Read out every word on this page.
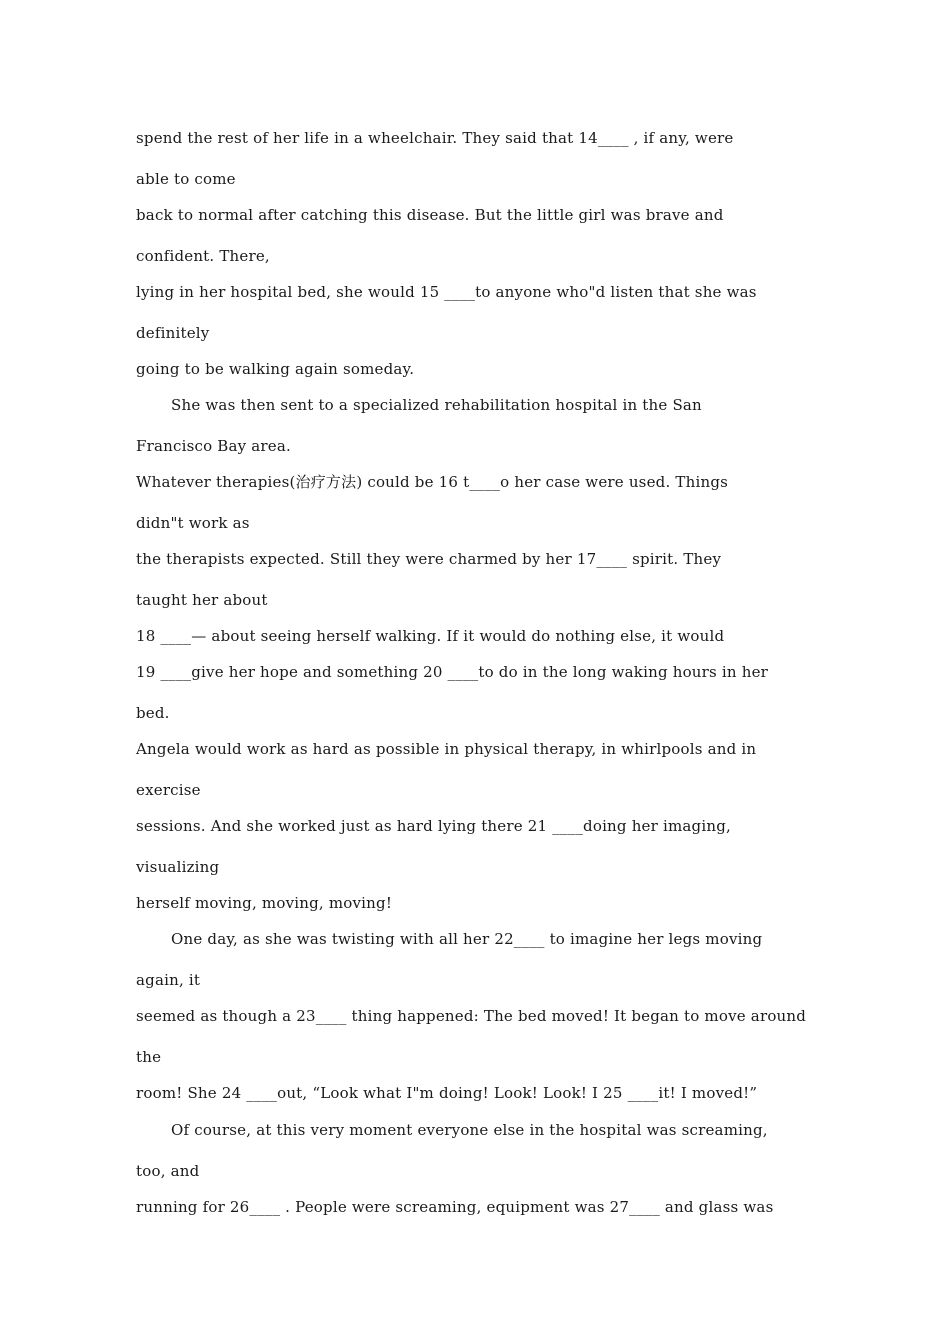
spend the rest of her life in a wheelchair. They said that 14____ , if any, were

able to come

back to normal after catching this disease. But the little girl was brave and

confident. There,

lying in her hospital bed, she would 15 ____to anyone who"d listen that she was

definitely

going to be walking again someday.

She was then sent to a specialized rehabilitation hospital in the San

Francisco Bay area.

Whatever therapies(治疗方法) could be 16 t____o her case were used. Things

didn"t work as

the therapists expected. Still they were charmed by her 17____ spirit. They

taught her about

18 ____— about seeing herself walking. If it would do nothing else, it would

19 ____give her hope and something 20 ____to do in the long waking hours in her

bed.

Angela would work as hard as possible in physical therapy, in whirlpools and in

exercise

sessions. And she worked just as hard lying there 21 ____doing her imaging,

visualizing

herself moving, moving, moving!

One day, as she was twisting with all her 22____ to imagine her legs moving

again, it

seemed as though a 23____ thing happened: The bed moved! It began to move around

the

room! She 24 ____out, “Look what I"m doing! Look! Look! I 25 ____it! I moved!”

Of course, at this very moment everyone else in the hospital was screaming,

too, and

running for 26____ . People were screaming, equipment was 27____ and glass was
